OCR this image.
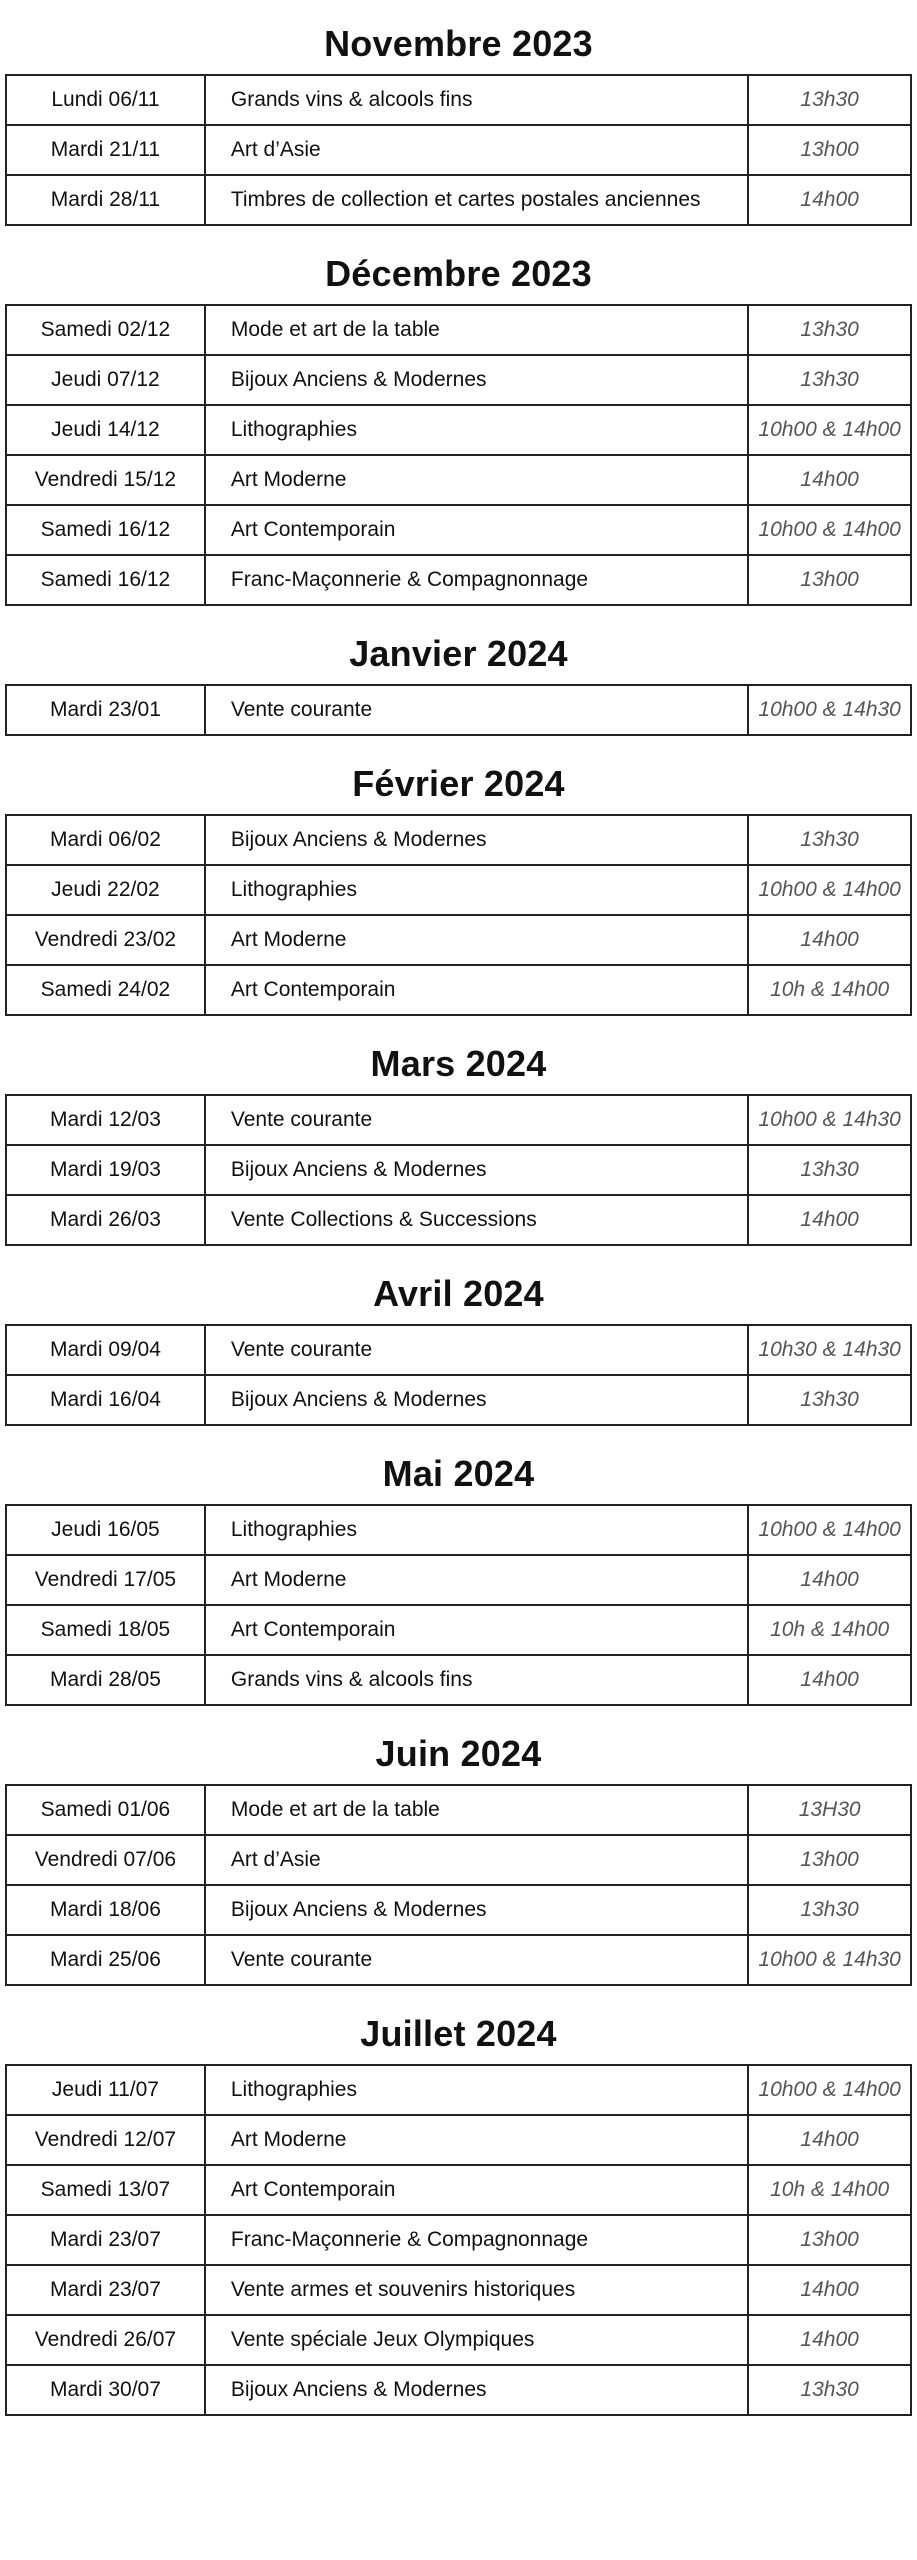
Novembre 2023
Lundi 06/11	Grands vins & alcools fins	13h30
Mardi 21/11	Art d’Asie	13h00
Mardi 28/11	Timbres de collection et cartes postales anciennes	14h00
Décembre 2023
Samedi 02/12	Mode et art de la table	13h30
Jeudi 07/12	Bijoux Anciens & Modernes	13h30
Jeudi 14/12	Lithographies	10h00 & 14h00
Vendredi 15/12	Art Moderne	14h00
Samedi 16/12	Art Contemporain	10h00 & 14h00
Samedi 16/12	Franc-Maçonnerie & Compagnonnage	13h00
Janvier 2024
Mardi 23/01	Vente courante	10h00 & 14h30
Février 2024
Mardi 06/02	Bijoux Anciens & Modernes	13h30
Jeudi 22/02	Lithographies	10h00 & 14h00
Vendredi 23/02	Art Moderne	14h00
Samedi 24/02	Art Contemporain	10h & 14h00
Mars 2024
Mardi 12/03	Vente courante	10h00 & 14h30
Mardi 19/03	Bijoux Anciens & Modernes	13h30
Mardi 26/03	Vente Collections & Successions	14h00
Avril 2024
Mardi 09/04	Vente courante	10h30 & 14h30
Mardi 16/04	Bijoux Anciens & Modernes	13h30
Mai 2024
Jeudi 16/05	Lithographies	10h00 & 14h00
Vendredi 17/05	Art Moderne	14h00
Samedi 18/05	Art Contemporain	10h & 14h00
Mardi 28/05	Grands vins & alcools fins	14h00
Juin 2024
Samedi 01/06	Mode et art de la table	13H30
Vendredi 07/06	Art d’Asie	13h00
Mardi 18/06	Bijoux Anciens & Modernes	13h30
Mardi 25/06	Vente courante	10h00 & 14h30
Juillet 2024
Jeudi 11/07	Lithographies	10h00 & 14h00
Vendredi 12/07	Art Moderne	14h00
Samedi 13/07	Art Contemporain	10h & 14h00
Mardi 23/07	Franc-Maçonnerie & Compagnonnage	13h00
Mardi 23/07	Vente armes et souvenirs historiques	14h00
Vendredi 26/07	Vente spéciale Jeux Olympiques	14h00
Mardi 30/07	Bijoux Anciens & Modernes	13h30
